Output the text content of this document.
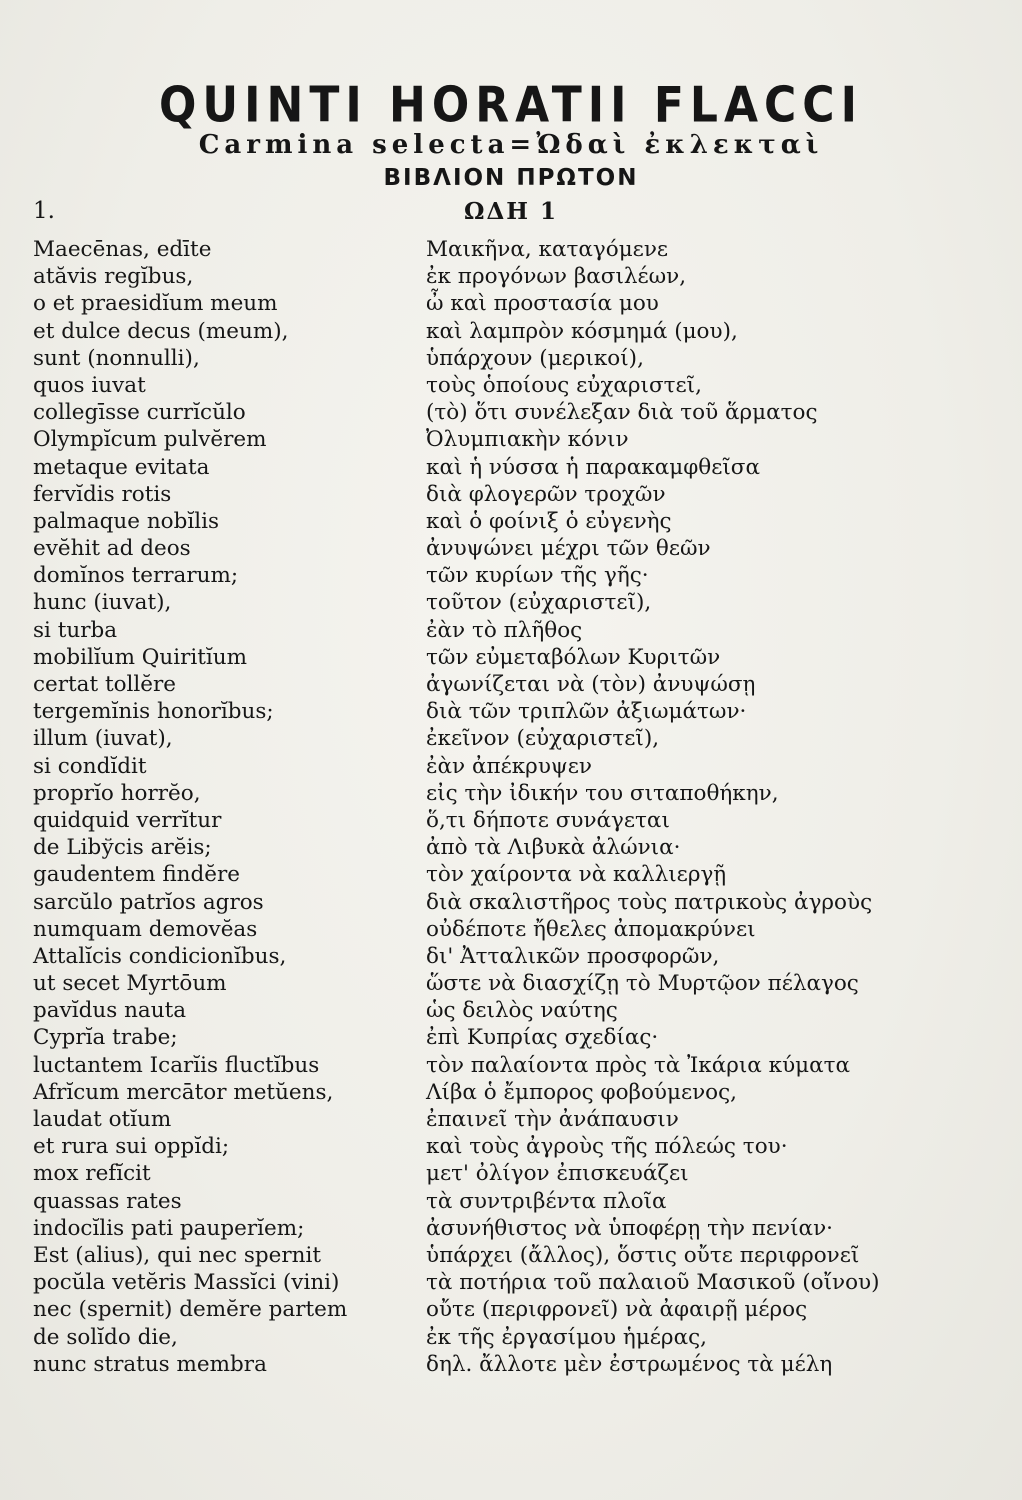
QUINTI HORATII FLACCI
Carmina selecta=Ὠδαὶ ἐκλεκταὶ
ΒΙΒΛΙΟΝ ΠΡΩΤΟΝ
1.	ΩΔΗ 1
Maecēnas, edīte
atăvis regĭbus,
o et praesidĭum meum
et dulce decus (meum),
sunt (nonnulli),
quos iuvat
collegīsse currĭcŭlo
Olympĭcum pulvĕrem
metaque evitata
fervĭdis rotis
palmaque nobĭlis
evĕhit ad deos
domĭnos terrarum;
hunc (iuvat),
si turba
mobilĭum Quiritĭum
certat tollĕre
tergemĭnis honorĭbus;
illum (iuvat),
si condĭdit
proprĭo horrĕo,
quidquid verrĭtur
de Libўcis arĕis;
gaudentem findĕre
sarcŭlo patrĭos agros
numquam demovĕas
Attalĭcis condicionĭbus,
ut secet Myrtōum
pavĭdus nauta
Cyprĭa trabe;
luctantem Icarĭis fluctĭbus
Afrĭcum mercātor metŭens,
laudat otĭum
et rura sui oppĭdi;
mox refĭcit
quassas rates
indocĭlis pati pauperĭem;
Est (alius), qui nec spernit
pocŭla vetĕris Massĭci (vini)
nec (spernit) demĕre partem
de solĭdo die,
nunc stratus membra
Μαικῆνα, καταγόμενε
ἐκ προγόνων βασιλέων,
ὦ καὶ προστασία μου
καὶ λαμπρὸν κόσμημά (μου),
ὑπάρχουν (μερικοί),
τοὺς ὁποίους εὐχαριστεῖ,
(τὸ) ὅτι συνέλεξαν διὰ τοῦ ἅρματος
Ὀλυμπιακὴν κόνιν
καὶ ἡ νύσσα ἡ παρακαμφθεῖσα
διὰ φλογερῶν τροχῶν
καὶ ὁ φοίνιξ ὁ εὐγενὴς
ἀνυψώνει μέχρι τῶν θεῶν
τῶν κυρίων τῆς γῆς·
τοῦτον (εὐχαριστεῖ),
ἐὰν τὸ πλῆθος
τῶν εὐμεταβόλων Κυριτῶν
ἀγωνίζεται νὰ (τὸν) ἀνυψώσῃ
διὰ τῶν τριπλῶν ἀξιωμάτων·
ἐκεῖνον (εὐχαριστεῖ),
ἐὰν ἀπέκρυψεν
εἰς τὴν ἰδικήν του σιταποθήκην,
ὅ,τι δήποτε συνάγεται
ἀπὸ τὰ Λιβυκὰ ἀλώνια·
τὸν χαίροντα νὰ καλλιεργῇ
διὰ σκαλιστῆρος τοὺς πατρικοὺς ἀγροὺς
οὐδέποτε ἤθελες ἀπομακρύνει
δι' Ἀτταλικῶν προσφορῶν,
ὥστε νὰ διασχίζῃ τὸ Μυρτῷον πέλαγος
ὡς δειλὸς ναύτης
ἐπὶ Κυπρίας σχεδίας·
τὸν παλαίοντα πρὸς τὰ Ἰκάρια κύματα
Λίβα ὁ ἔμπορος φοβούμενος,
ἐπαινεῖ τὴν ἀνάπαυσιν
καὶ τοὺς ἀγροὺς τῆς πόλεώς του·
μετ' ὀλίγον ἐπισκευάζει
τὰ συντριβέντα πλοῖα
ἀσυνήθιστος νὰ ὑποφέρῃ τὴν πενίαν·
ὑπάρχει (ἄλλος), ὅστις οὔτε περιφρονεῖ
τὰ ποτήρια τοῦ παλαιοῦ Μασικοῦ (οἴνου)
οὔτε (περιφρονεῖ) νὰ ἀφαιρῇ μέρος
ἐκ τῆς ἐργασίμου ἡμέρας,
δηλ. ἄλλοτε μὲν ἐστρωμένος τὰ μέλη
